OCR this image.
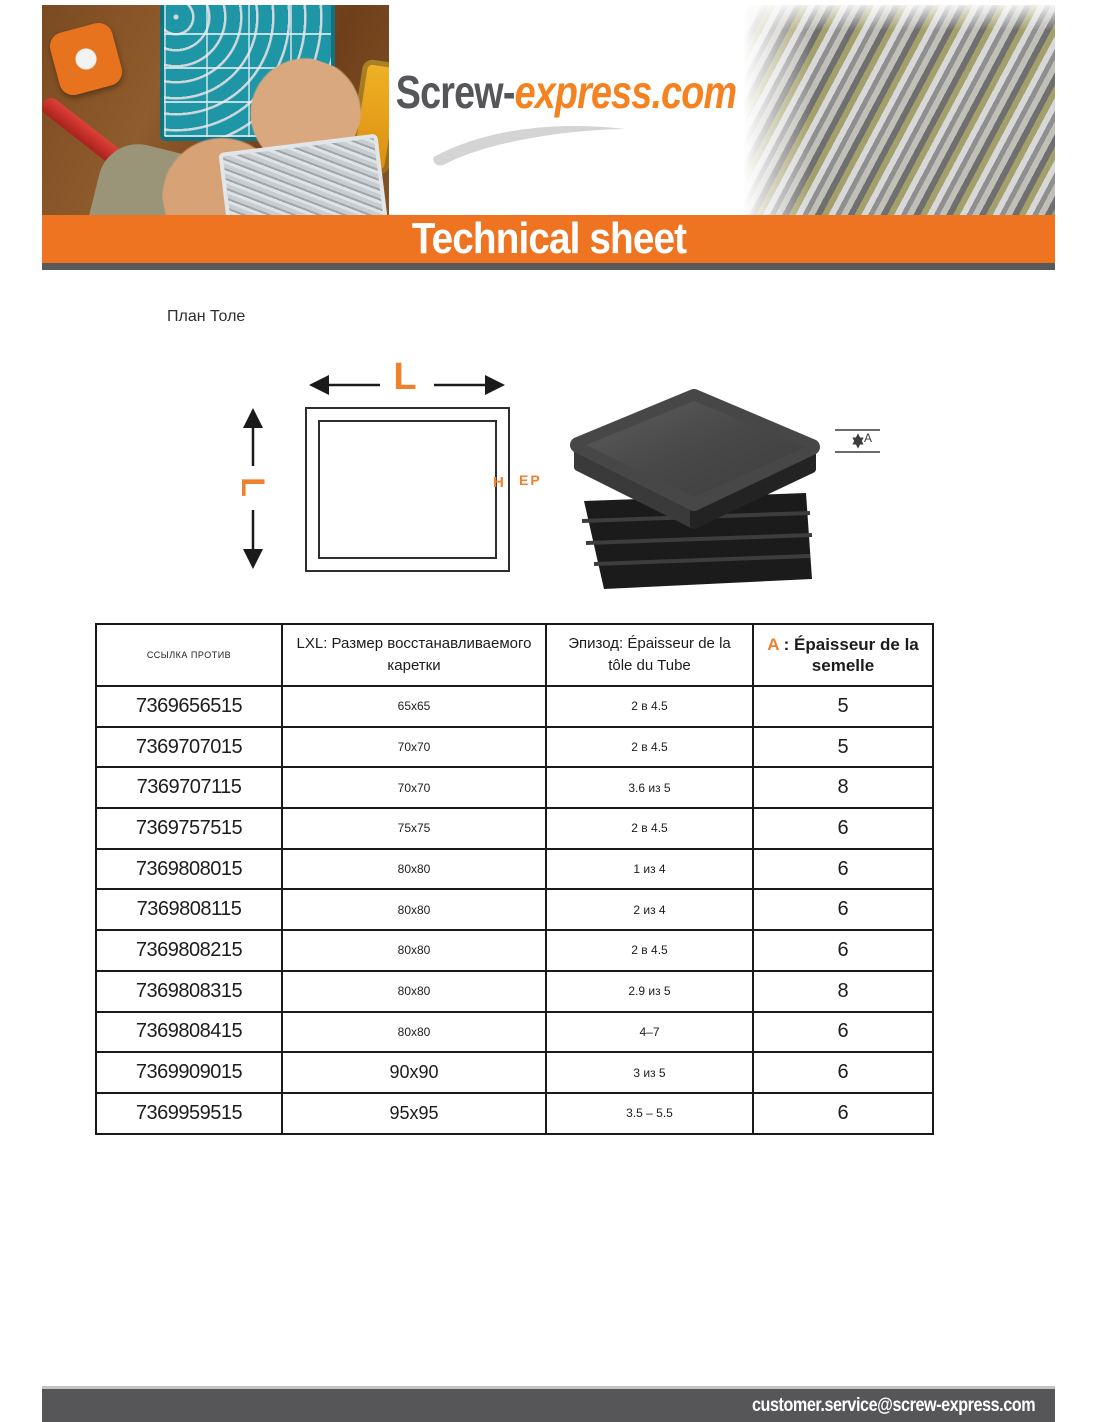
Screw-express.com
Technical sheet
План Толе
L
L	H EP
A
ССЫЛКА ПРОТИВ	LXL: Размер восстанавливаемого каретки	Эпизод: Épaisseur de la tôle du Tube	A : Épaisseur de la semelle
7369656515	65x65	2 в 4.5	5
7369707015	70x70	2 в 4.5	5
7369707115	70x70	3.6 из 5	8
7369757515	75x75	2 в 4.5	6
7369808015	80x80	1 из 4	6
7369808115	80x80	2 из 4	6
7369808215	80x80	2 в 4.5	6
7369808315	80x80	2.9 из 5	8
7369808415	80x80	4–7	6
7369909015	90x90	3 из 5	6
7369959515	95x95	3.5 – 5.5	6
customer.service@screw-express.com
